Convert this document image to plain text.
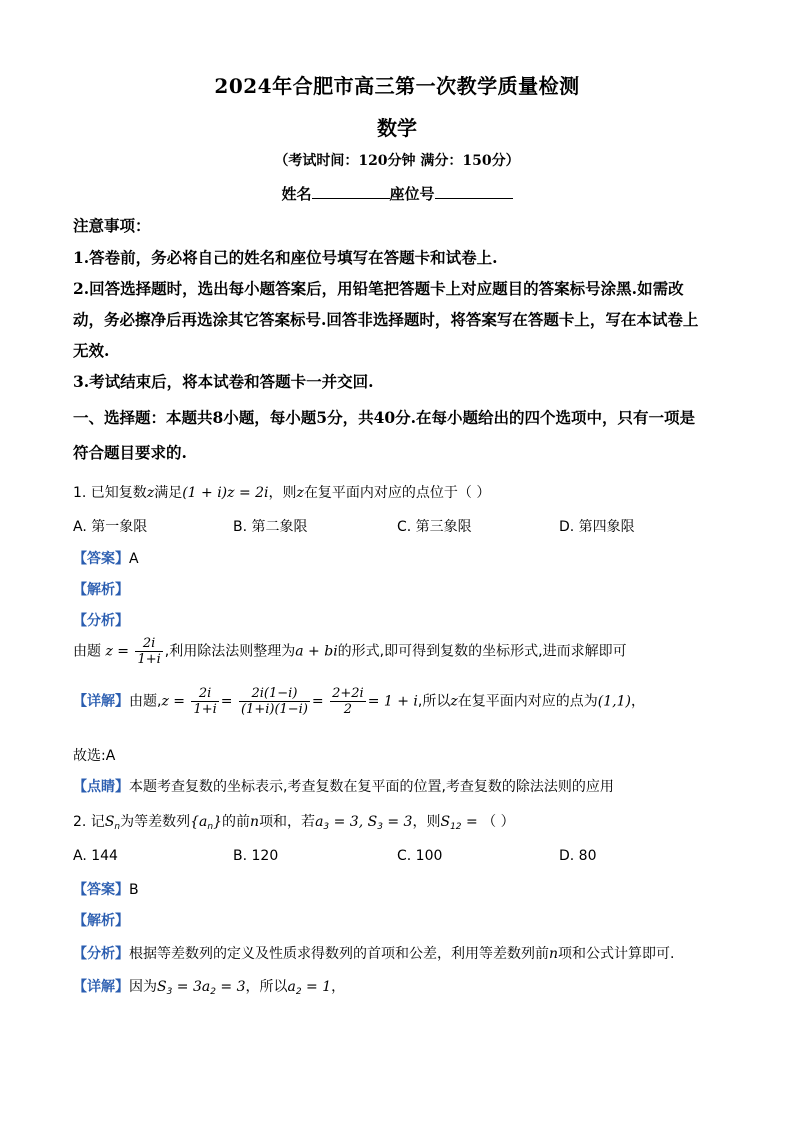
2024年合肥市高三第一次教学质量检测
数学
（考试时间：120分钟 满分：150分）
姓名	座位号
注意事项：
1.答卷前，务必将自己的姓名和座位号填写在答题卡和试卷上.
2.回答选择题时，选出每小题答案后，用铅笔把答题卡上对应题目的答案标号涂黑.如需改
动，务必擦净后再选涂其它答案标号.回答非选择题时，将答案写在答题卡上，写在本试卷上
无效.
3.考试结束后，将本试卷和答题卡一并交回.
一、选择题：本题共8小题，每小题5分，共40分.在每小题给出的四个选项中，只有一项是
符合题目要求的.
1. 已知复数z满足(1 + i)z = 2i，则z在复平面内对应的点位于（ ）
A. 第一象限	B. 第二象限	C. 第三象限	D. 第四象限
【答案】A
【解析】
【分析】
由题 $z = \frac{2i}{1+i}$ ,利用除法法则整理为a + bi的形式,即可得到复数的坐标形式,进而求解即可
【详解】由题$,z = \frac{2i}{1+i} = \frac{2i(1-i)}{(1+i)(1-i)} = \frac{2+2i}{2} = 1 + i$,所以z在复平面内对应的点为(1,1)，
故选:A
【点睛】本题考查复数的坐标表示,考查复数在复平面的位置,考查复数的除法法则的应用
2. 记$S_n$为等差数列$\{a_n\}$的前n项和，若$a_3 = 3$, $S_3 = 3$，则$S_{12}$ = （ ）
A. 144	B. 120	C. 100	D. 80
【答案】B
【解析】
【分析】根据等差数列的定义及性质求得数列的首项和公差，利用等差数列前n项和公式计算即可.
【详解】因为$S_3 = 3a_2 = 3$，所以$a_2 = 1$，
